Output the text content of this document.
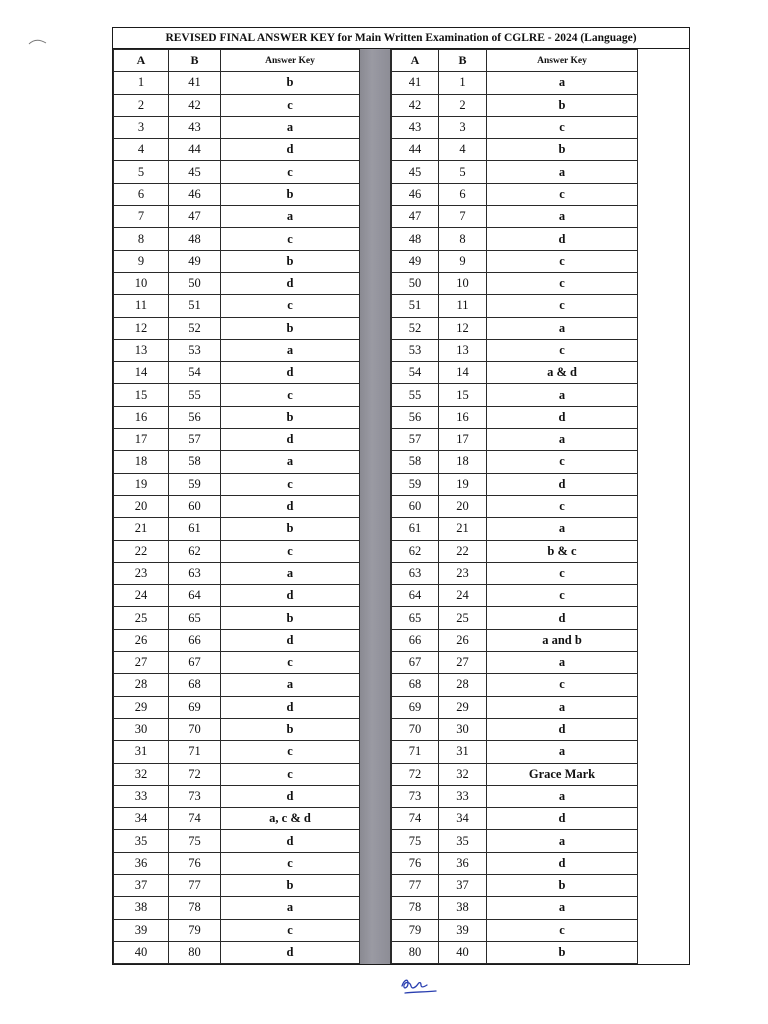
REVISED FINAL ANSWER KEY for Main Written Examination of CGLRE - 2024 (Language)
A	B	Answer Key
1	41	b
2	42	c
3	43	a
4	44	d
5	45	c
6	46	b
7	47	a
8	48	c
9	49	b
10	50	d
11	51	c
12	52	b
13	53	a
14	54	d
15	55	c
16	56	b
17	57	d
18	58	a
19	59	c
20	60	d
21	61	b
22	62	c
23	63	a
24	64	d
25	65	b
26	66	d
27	67	c
28	68	a
29	69	d
30	70	b
31	71	c
32	72	c
33	73	d
34	74	a, c & d
35	75	d
36	76	c
37	77	b
38	78	a
39	79	c
40	80	d
A	B	Answer Key
41	1	a
42	2	b
43	3	c
44	4	b
45	5	a
46	6	c
47	7	a
48	8	d
49	9	c
50	10	c
51	11	c
52	12	a
53	13	c
54	14	a & d
55	15	a
56	16	d
57	17	a
58	18	c
59	19	d
60	20	c
61	21	a
62	22	b & c
63	23	c
64	24	c
65	25	d
66	26	a and b
67	27	a
68	28	c
69	29	a
70	30	d
71	31	a
72	32	Grace Mark
73	33	a
74	34	d
75	35	a
76	36	d
77	37	b
78	38	a
79	39	c
80	40	b
